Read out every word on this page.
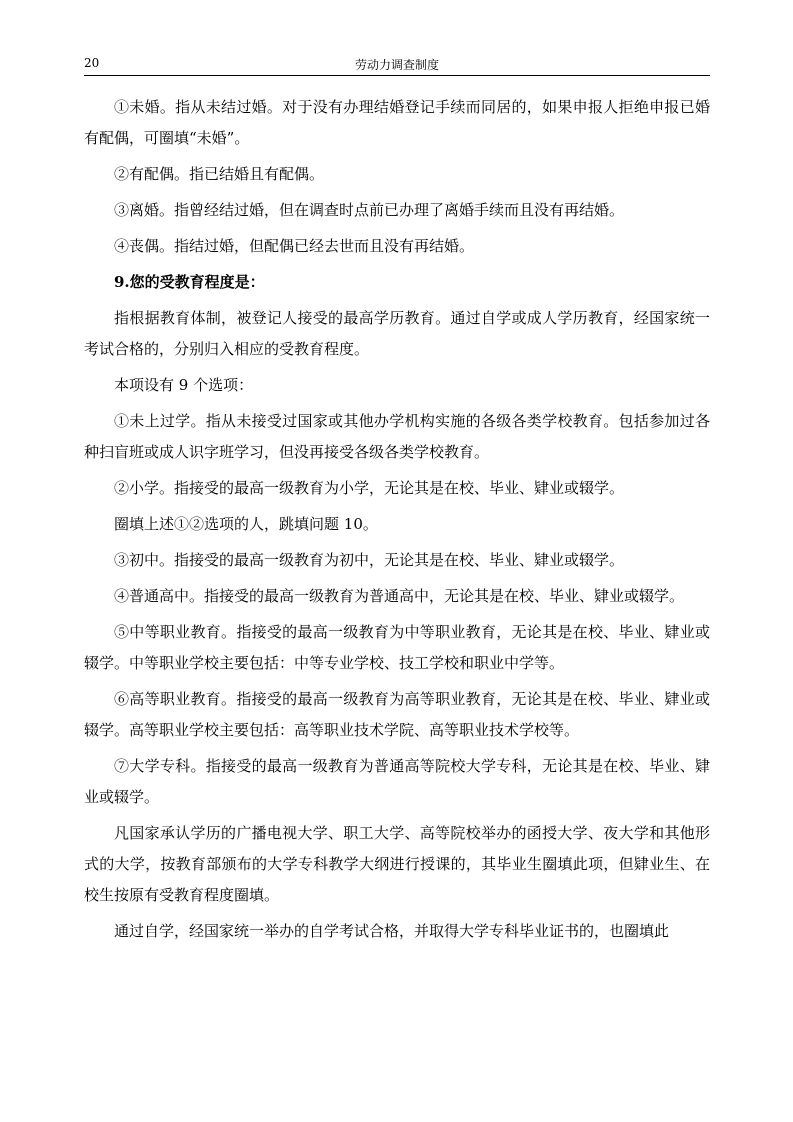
20	劳动力调查制度

①未婚。指从未结过婚。对于没有办理结婚登记手续而同居的，如果申报人拒绝申报已婚有配偶，可圈填“未婚”。

②有配偶。指已结婚且有配偶。

③离婚。指曾经结过婚，但在调查时点前已办理了离婚手续而且没有再结婚。

④丧偶。指结过婚，但配偶已经去世而且没有再结婚。

9.您的受教育程度是：

指根据教育体制，被登记人接受的最高学历教育。通过自学或成人学历教育，经国家统一考试合格的，分别归入相应的受教育程度。

本项设有 9 个选项：

①未上过学。指从未接受过国家或其他办学机构实施的各级各类学校教育。包括参加过各种扫盲班或成人识字班学习，但没再接受各级各类学校教育。

②小学。指接受的最高一级教育为小学，无论其是在校、毕业、肄业或辍学。

圈填上述①②选项的人，跳填问题 10。

③初中。指接受的最高一级教育为初中，无论其是在校、毕业、肄业或辍学。

④普通高中。指接受的最高一级教育为普通高中，无论其是在校、毕业、肄业或辍学。

⑤中等职业教育。指接受的最高一级教育为中等职业教育，无论其是在校、毕业、肄业或辍学。中等职业学校主要包括：中等专业学校、技工学校和职业中学等。

⑥高等职业教育。指接受的最高一级教育为高等职业教育，无论其是在校、毕业、肄业或辍学。高等职业学校主要包括：高等职业技术学院、高等职业技术学校等。

⑦大学专科。指接受的最高一级教育为普通高等院校大学专科，无论其是在校、毕业、肄业或辍学。

凡国家承认学历的广播电视大学、职工大学、高等院校举办的函授大学、夜大学和其他形式的大学，按教育部颁布的大学专科教学大纲进行授课的，其毕业生圈填此项，但肄业生、在校生按原有受教育程度圈填。

通过自学，经国家统一举办的自学考试合格，并取得大学专科毕业证书的，也圈填此
